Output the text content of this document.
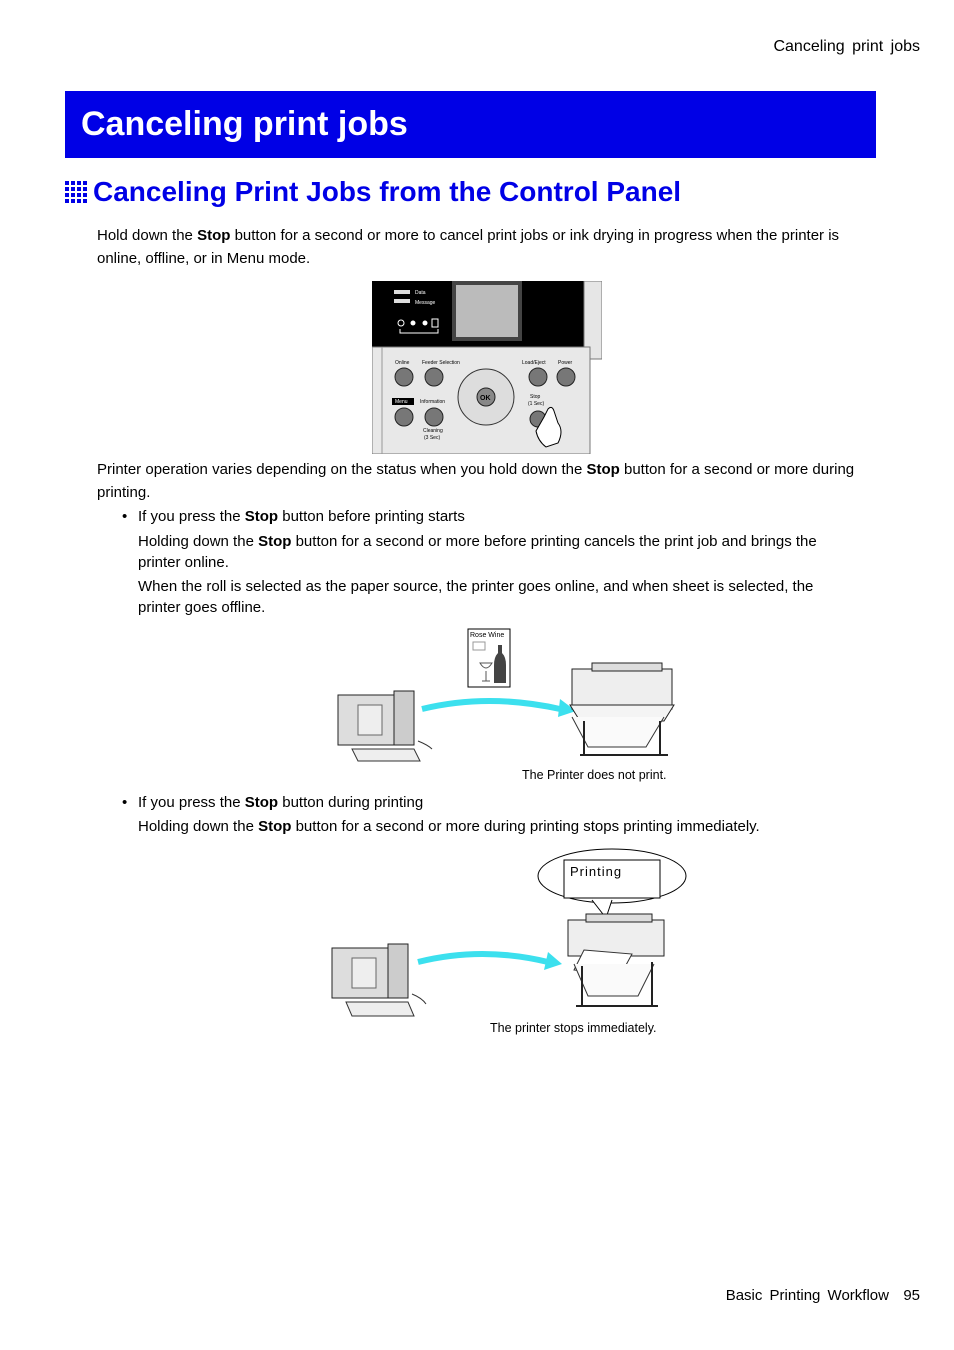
Canceling print jobs
Canceling print jobs
Canceling Print Jobs from the Control Panel

Hold down the Stop button for a second or more to cancel print jobs or ink drying in progress when the printer is online, offline, or in Menu mode.

Data
Message
Online	Feeder Selection	Load/Eject Power
Menu Information
Stop
(1 Sec)
Cleaning
(3 Sec)
OK

Printer operation varies depending on the status when you hold down the Stop button for a second or more during printing.

• If you press the Stop button before printing starts

Holding down the Stop button for a second or more before printing cancels the print job and brings the printer online.

When the roll is selected as the paper source, the printer goes online, and when sheet is selected, the printer goes offline.

Rose Wine
The Printer does not print.
• If you press the Stop button during printing

Holding down the Stop button for a second or more during printing stops printing immediately.

Printing
The printer stops immediately.
Basic Printing Workflow 95
